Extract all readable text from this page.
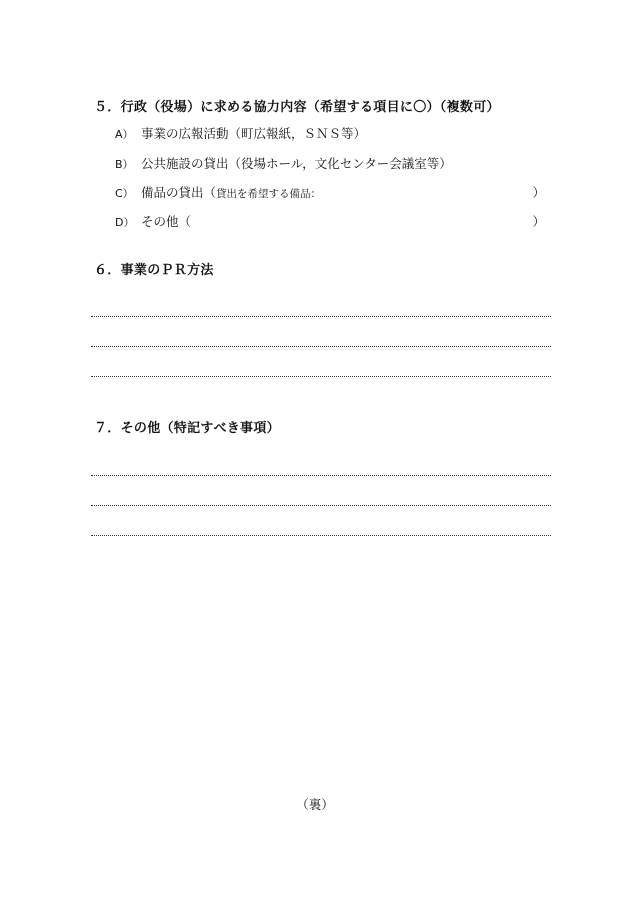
５．行政（役場）に求める協力内容（希望する項目に〇）（複数可）
A） 事業の広報活動（町広報紙，ＳＮＳ等）
B） 公共施設の貸出（役場ホール，文化センター会議室等）
C） 備品の貸出（貸出を希望する備品：	）
D） その他（	）
６．事業のＰＲ方法
７．その他（特記すべき事項）
（裏）
